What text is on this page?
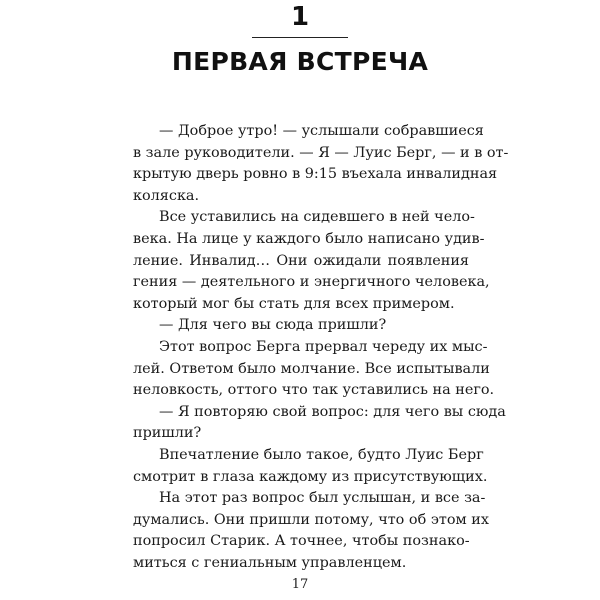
1
ПЕРВАЯ ВСТРЕЧА
— Доброе утро! — услышали собравшиеся
в зале руководители. — Я — Луис Берг, — и в от-
крытую дверь ровно в 9:15 въехала инвалидная
коляска.
Все уставились на сидевшего в ней чело-
века. На лице у каждого было написано удив-
ление. Инвалид… Они ожидали появления
гения — деятельного и энергичного человека,
который мог бы стать для всех примером.
— Для чего вы сюда пришли?
Этот вопрос Берга прервал череду их мыс-
лей. Ответом было молчание. Все испытывали
неловкость, оттого что так уставились на него.
— Я повторяю свой вопрос: для чего вы сюда
пришли?
Впечатление было такое, будто Луис Берг
смотрит в глаза каждому из присутствующих.
На этот раз вопрос был услышан, и все за-
думались. Они пришли потому, что об этом их
попросил Старик. А точнее, чтобы познако-
миться с гениальным управленцем.
17
